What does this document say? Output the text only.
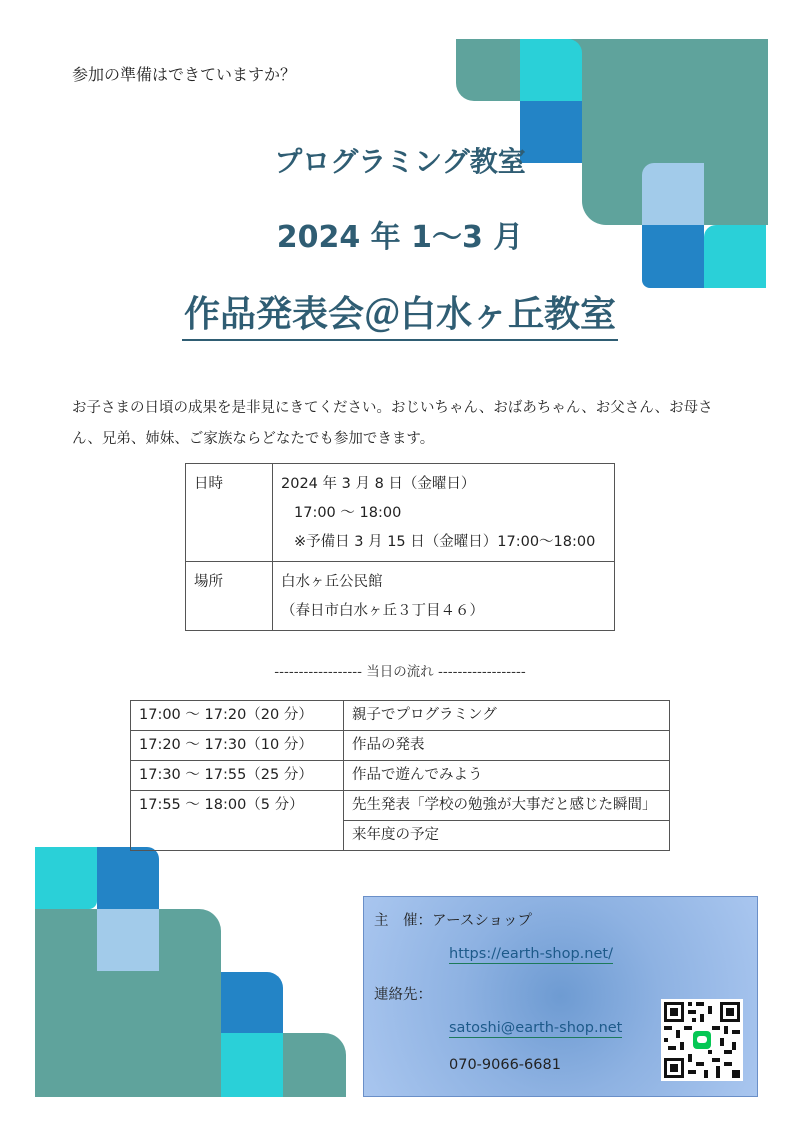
参加の準備はできていますか？
プログラミング教室
2024 年 1～3 月
作品発表会＠白水ヶ丘教室
お子さまの日頃の成果を是非見にきてください。おじいちゃん、おばあちゃん、お父さん、お母さん、兄弟、姉妹、ご家族ならどなたでも参加できます。
日時	2024 年 3 月 8 日（金曜日）
17:00 ～ 18:00
※予備日 3 月 15 日（金曜日）17:00～18:00

場所	白水ヶ丘公民館
（春日市白水ヶ丘３丁目４６）
------------------ 当日の流れ ------------------
17:00 ～ 17:20（20 分）	親子でプログラミング
17:20 ～ 17:30（10 分）	作品の発表
17:30 ～ 17:55（25 分）	作品で遊んでみよう
17:55 ～ 18:00（5 分）	先生発表「学校の勉強が大事だと感じた瞬間」
	来年度の予定
主　催：アースショップ
https://earth-shop.net/
連絡先：
satoshi@earth-shop.net
070-9066-6681
